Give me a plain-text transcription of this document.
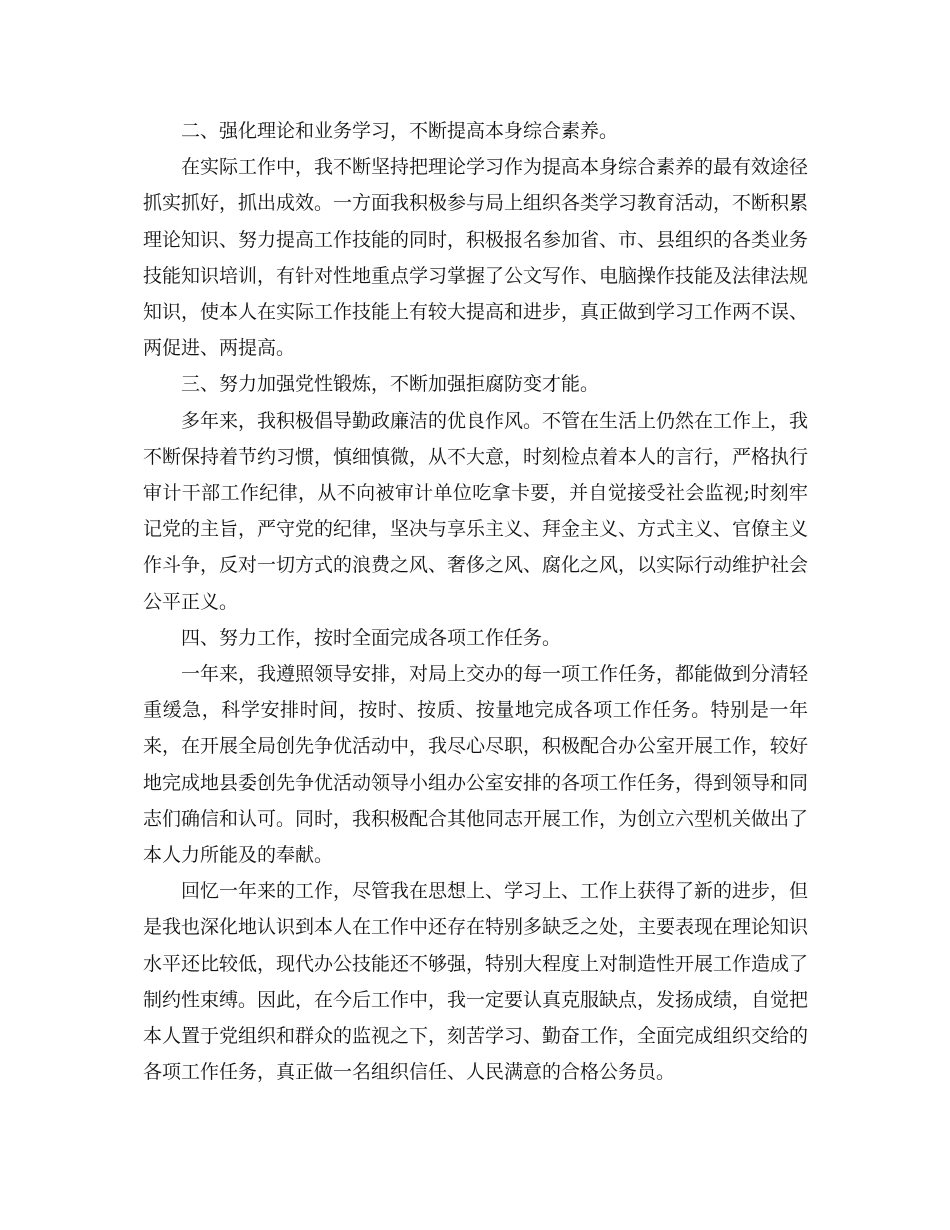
二、强化理论和业务学习，不断提高本身综合素养。

在实际工作中，我不断坚持把理论学习作为提高本身综合素养的最有效途径抓实抓好，抓出成效。一方面我积极参与局上组织各类学习教育活动，不断积累理论知识、努力提高工作技能的同时，积极报名参加省、市、县组织的各类业务技能知识培训，有针对性地重点学习掌握了公文写作、电脑操作技能及法律法规知识，使本人在实际工作技能上有较大提高和进步，真正做到学习工作两不误、两促进、两提高。

三、努力加强党性锻炼，不断加强拒腐防变才能。

多年来，我积极倡导勤政廉洁的优良作风。不管在生活上仍然在工作上，我不断保持着节约习惯，慎细慎微，从不大意，时刻检点着本人的言行，严格执行审计干部工作纪律，从不向被审计单位吃拿卡要，并自觉接受社会监视;时刻牢记党的主旨，严守党的纪律，坚决与享乐主义、拜金主义、方式主义、官僚主义作斗争，反对一切方式的浪费之风、奢侈之风、腐化之风，以实际行动维护社会公平正义。

四、努力工作，按时全面完成各项工作任务。

一年来，我遵照领导安排，对局上交办的每一项工作任务，都能做到分清轻重缓急，科学安排时间，按时、按质、按量地完成各项工作任务。特别是一年来，在开展全局创先争优活动中，我尽心尽职，积极配合办公室开展工作，较好地完成地县委创先争优活动领导小组办公室安排的各项工作任务，得到领导和同志们确信和认可。同时，我积极配合其他同志开展工作，为创立六型机关做出了本人力所能及的奉献。

回忆一年来的工作，尽管我在思想上、学习上、工作上获得了新的进步，但是我也深化地认识到本人在工作中还存在特别多缺乏之处，主要表现在理论知识水平还比较低，现代办公技能还不够强，特别大程度上对制造性开展工作造成了制约性束缚。因此，在今后工作中，我一定要认真克服缺点，发扬成绩，自觉把本人置于党组织和群众的监视之下，刻苦学习、勤奋工作，全面完成组织交给的各项工作任务，真正做一名组织信任、人民满意的合格公务员。
